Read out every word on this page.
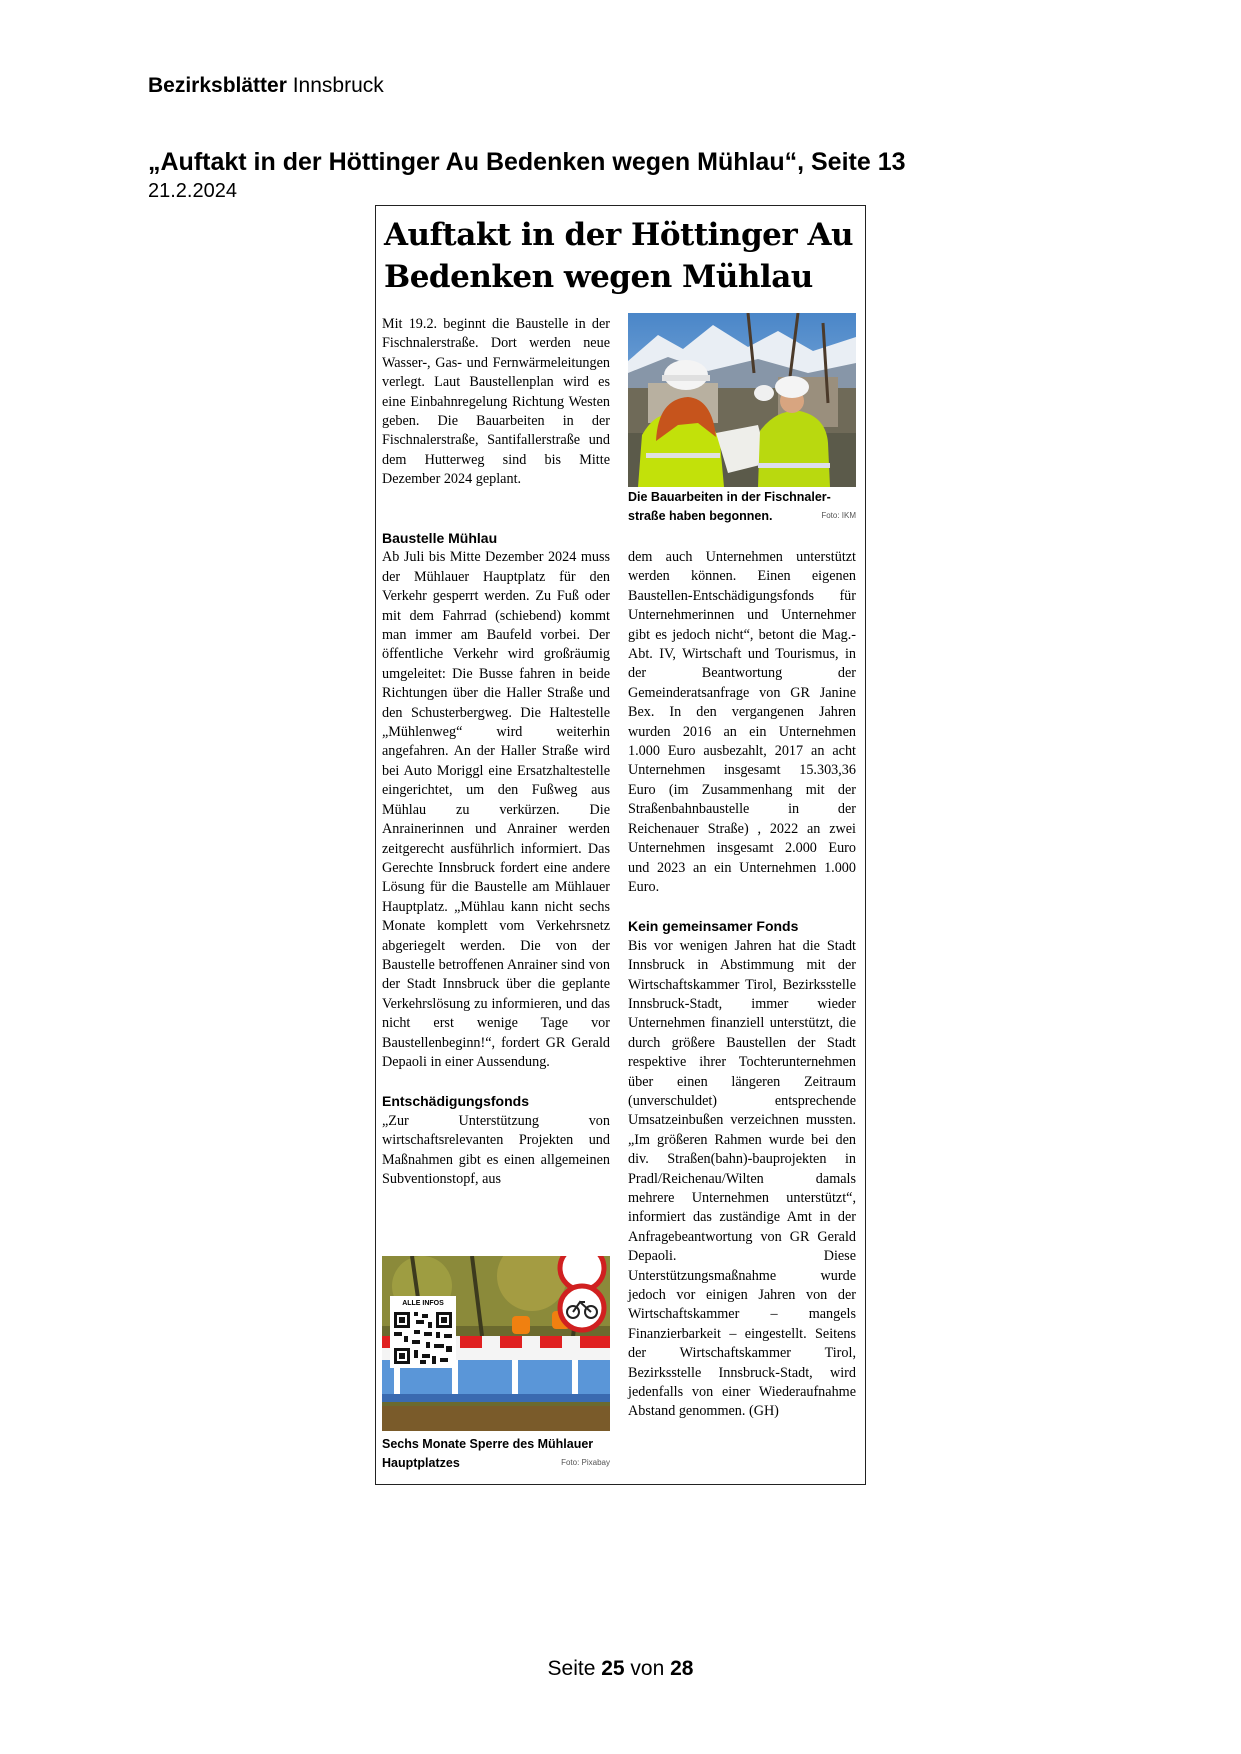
Bezirksblätter Innsbruck
„Auftakt in der Höttinger Au Bedenken wegen Mühlau“, Seite 13
21.2.2024
Auftakt in der Höttinger Au
Bedenken wegen Mühlau

Mit 19.2. beginnt die Baustelle in der Fischnalerstraße. Dort werden neue Wasser-, Gas- und Fernwärmeleitungen verlegt. Laut Baustellenplan wird es eine Einbahnregelung Richtung Westen geben. Die Bauarbeiten in der Fischnalerstraße, Santifallerstraße und dem Hutterweg sind bis Mitte Dezember 2024 geplant.

Die Bauarbeiten in der Fischnaler-
straße haben begonnen.	Foto: IKM
Baustelle Mühlau

Ab Juli bis Mitte Dezember 2024 muss der Mühlauer Hauptplatz für den Verkehr gesperrt werden. Zu Fuß oder mit dem Fahrrad (schiebend) kommt man immer am Baufeld vorbei. Der öffentliche Verkehr wird großräumig umgeleitet: Die Busse fahren in beide Richtungen über die Haller Straße und den Schusterbergweg. Die Haltestelle „Mühlenweg“ wird weiterhin angefahren. An der Haller Straße wird bei Auto Moriggl eine Ersatzhaltestelle eingerichtet, um den Fußweg aus Mühlau zu verkürzen. Die Anrainerinnen und Anrainer werden zeitgerecht ausführlich informiert. Das Gerechte Innsbruck fordert eine andere Lösung für die Baustelle am Mühlauer Hauptplatz. „Mühlau kann nicht sechs Monate komplett vom Verkehrsnetz abgeriegelt werden. Die von der Baustelle betroffenen Anrainer sind von der Stadt Innsbruck über die geplante Verkehrslösung zu informieren, und das nicht erst wenige Tage vor Baustellenbeginn!“, fordert GR Gerald Depaoli in einer Aussendung.

Entschädigungsfonds

„Zur Unterstützung von wirtschaftsrelevanten Projekten und Maßnahmen gibt es einen allgemeinen Subventionstopf, aus

ALLE INFOS
Sechs Monate Sperre des Mühlauer
Hauptplatzes	Foto: Pixabay

dem auch Unternehmen unterstützt werden können. Einen eigenen Baustellen-Entschädigungsfonds für Unternehmerinnen und Unternehmer gibt es jedoch nicht“, betont die Mag.-Abt. IV, Wirtschaft und Tourismus, in der Beantwortung der Gemeinderatsanfrage von GR Janine Bex. In den vergangenen Jahren wurden 2016 an ein Unternehmen 1.000 Euro ausbezahlt, 2017 an acht Unternehmen insgesamt 15.303,36 Euro (im Zusammenhang mit der Straßenbahnbaustelle in der Reichenauer Straße) , 2022 an zwei Unternehmen insgesamt 2.000 Euro und 2023 an ein Unternehmen 1.000 Euro.

Kein gemeinsamer Fonds

Bis vor wenigen Jahren hat die Stadt Innsbruck in Abstimmung mit der Wirtschaftskammer Tirol, Bezirksstelle Innsbruck-Stadt, immer wieder Unternehmen finanziell unterstützt, die durch größere Baustellen der Stadt respektive ihrer Tochterunternehmen über einen längeren Zeitraum (unverschuldet) entsprechende Umsatzeinbußen verzeichnen mussten. „Im größeren Rahmen wurde bei den div. Straßen(bahn)-bauprojekten in Pradl/Reichenau/Wilten damals mehrere Unternehmen unterstützt“, informiert das zuständige Amt in der Anfragebeantwortung von GR Gerald Depaoli. Diese Unterstützungsmaßnahme wurde jedoch vor einigen Jahren von der Wirtschaftskammer – mangels Finanzierbarkeit – eingestellt. Seitens der Wirtschaftskammer Tirol, Bezirksstelle Innsbruck-Stadt, wird jedenfalls von einer Wiederaufnahme Abstand genommen. (GH)

Seite 25 von 28
